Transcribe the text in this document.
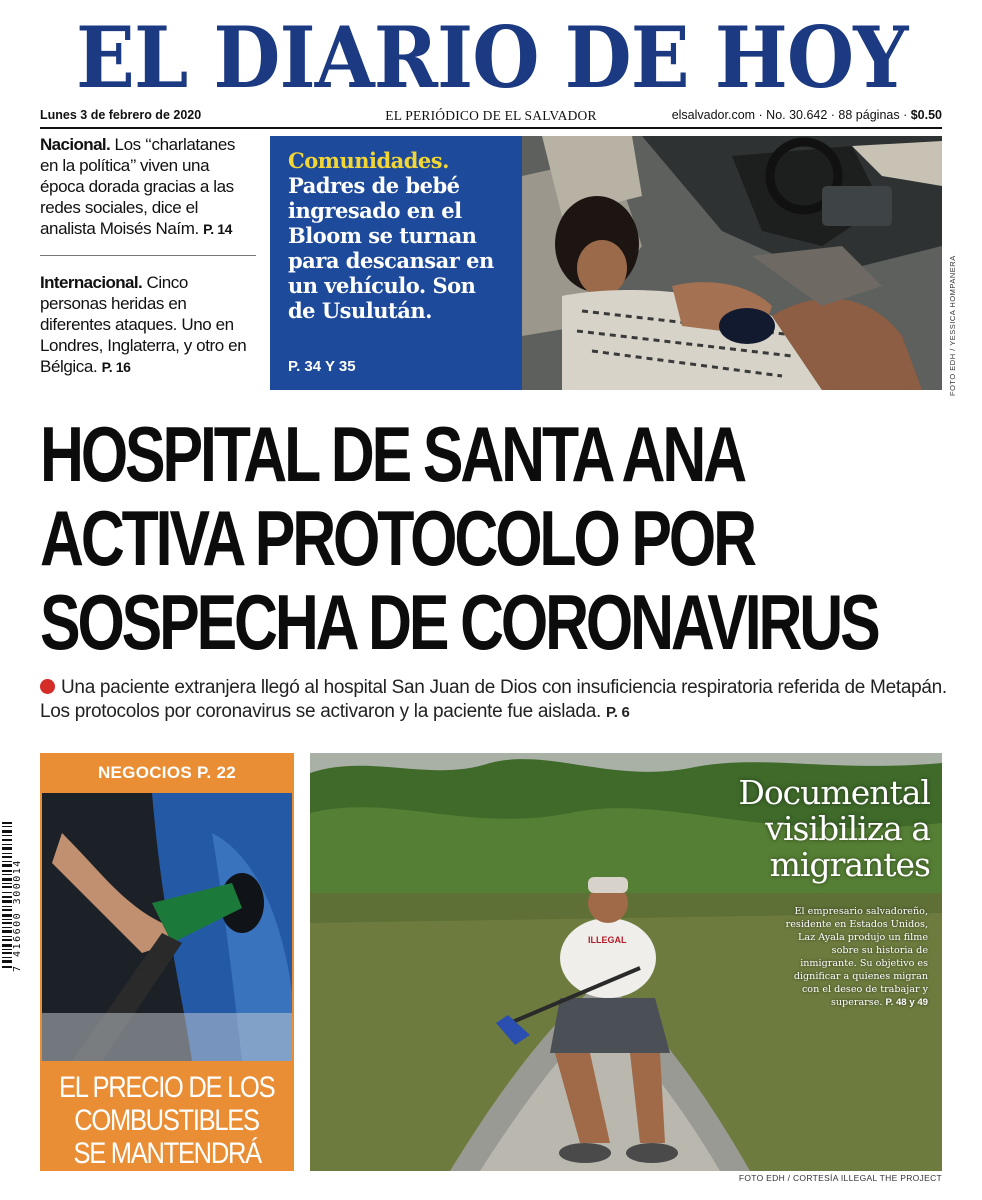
EL DIARIO DE HOY
EL PERIÓDICO DE EL SALVADOR
Lunes 3 de febrero de 2020	elsalvador.com · No. 30.642 · 88 páginas · $0.50
Nacional. Los ‘‘charlatanes en la política’’ viven una época dorada gracias a las redes sociales, dice el analista Moisés Naím. P. 14
Internacional. Cinco personas heridas en diferentes ataques. Uno en Londres, Inglaterra, y otro en Bélgica. P. 16
Comunidades.
Padres de bebé ingresado en el Bloom se turnan para descansar en un vehículo. Son de Usulután.
P. 34 Y 35	FOTO EDH / YESSICA HOMPANERA
HOSPITAL DE SANTA ANA
ACTIVA PROTOCOLO POR
SOSPECHA DE CORONAVIRUS
Una paciente extranjera llegó al hospital San Juan de Dios con insuficiencia respiratoria referida de Metapán. Los protocolos por coronavirus se activaron y la paciente fue aislada. P. 6
7 416600 300014
NEGOCIOS P. 22
EL PRECIO DE LOS
COMBUSTIBLES
SE MANTENDRÁ
ESTABLE
ILLEGAL
Documental
visibiliza a
migrantes
El empresario salvadoreño, residente en Estados Unidos, Laz Ayala produjo un filme sobre su historia de inmigrante. Su objetivo es dignificar a quienes migran con el deseo de trabajar y superarse. P. 48 y 49
FOTO EDH / CORTESÍA ILLEGAL THE PROJECT
